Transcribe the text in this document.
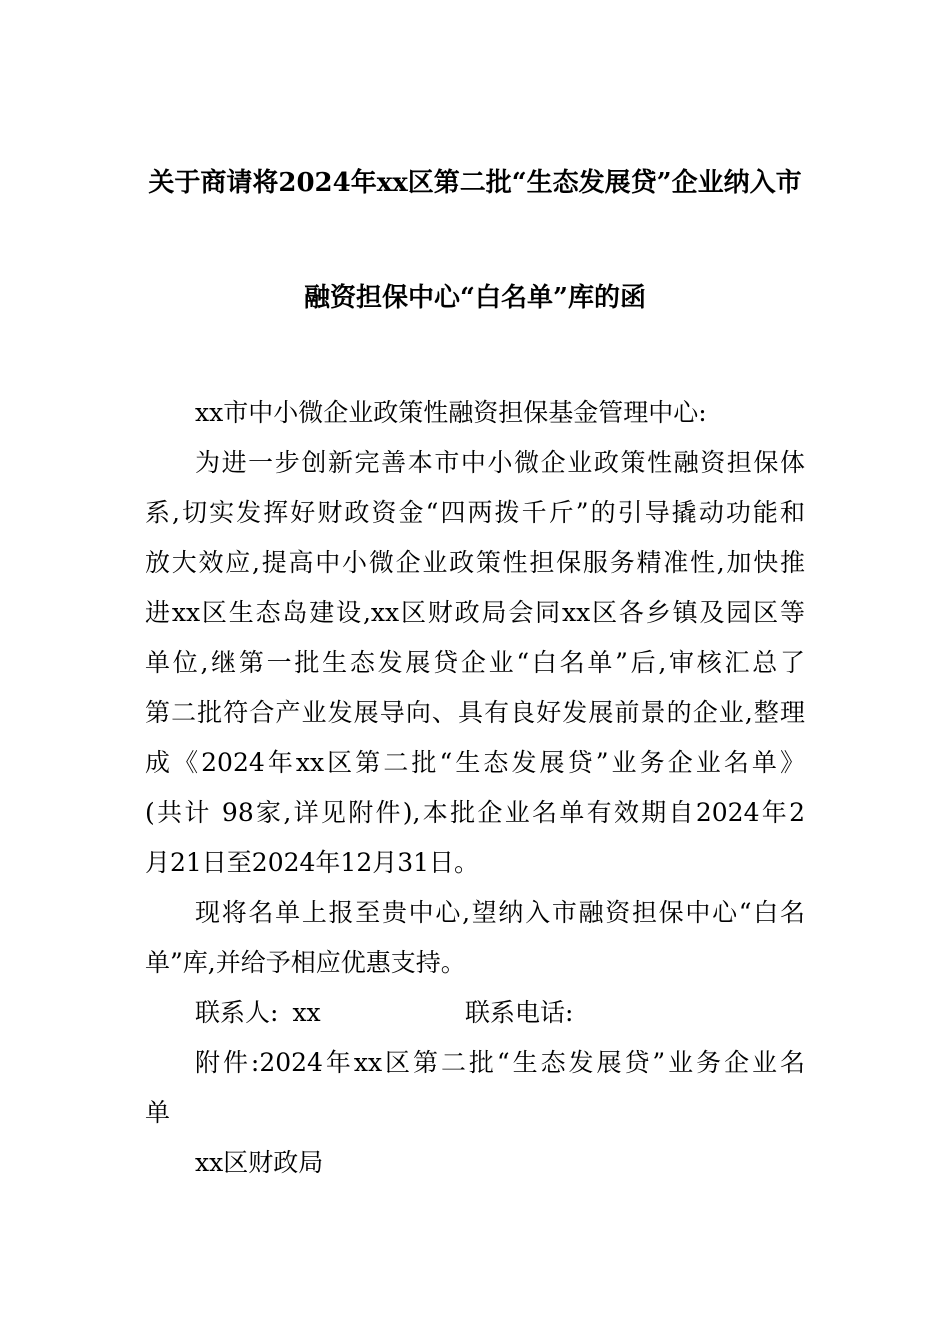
关于商请将2024年xx区第二批“生态发展贷”企业纳入市
融资担保中心“白名单”库的函
xx市中小微企业政策性融资担保基金管理中心:
为进一步创新完善本市中小微企业政策性融资担保体
系,切实发挥好财政资金“四两拨千斤”的引导撬动功能和
放大效应,提高中小微企业政策性担保服务精准性,加快推
进xx区生态岛建设,xx区财政局会同xx区各乡镇及园区等
单位,继第一批生态发展贷企业“白名单”后,审核汇总了
第二批符合产业发展导向、具有良好发展前景的企业,整理
成《2024年xx区第二批“生态发展贷”业务企业名单》
(共计 98家,详见附件),本批企业名单有效期自2024年2
月21日至2024年12月31日。
现将名单上报至贵中心,望纳入市融资担保中心“白名
单”库,并给予相应优惠支持。
联系人: xx	联系电话:
附件:2024年xx区第二批“生态发展贷”业务企业名
单
xx区财政局
